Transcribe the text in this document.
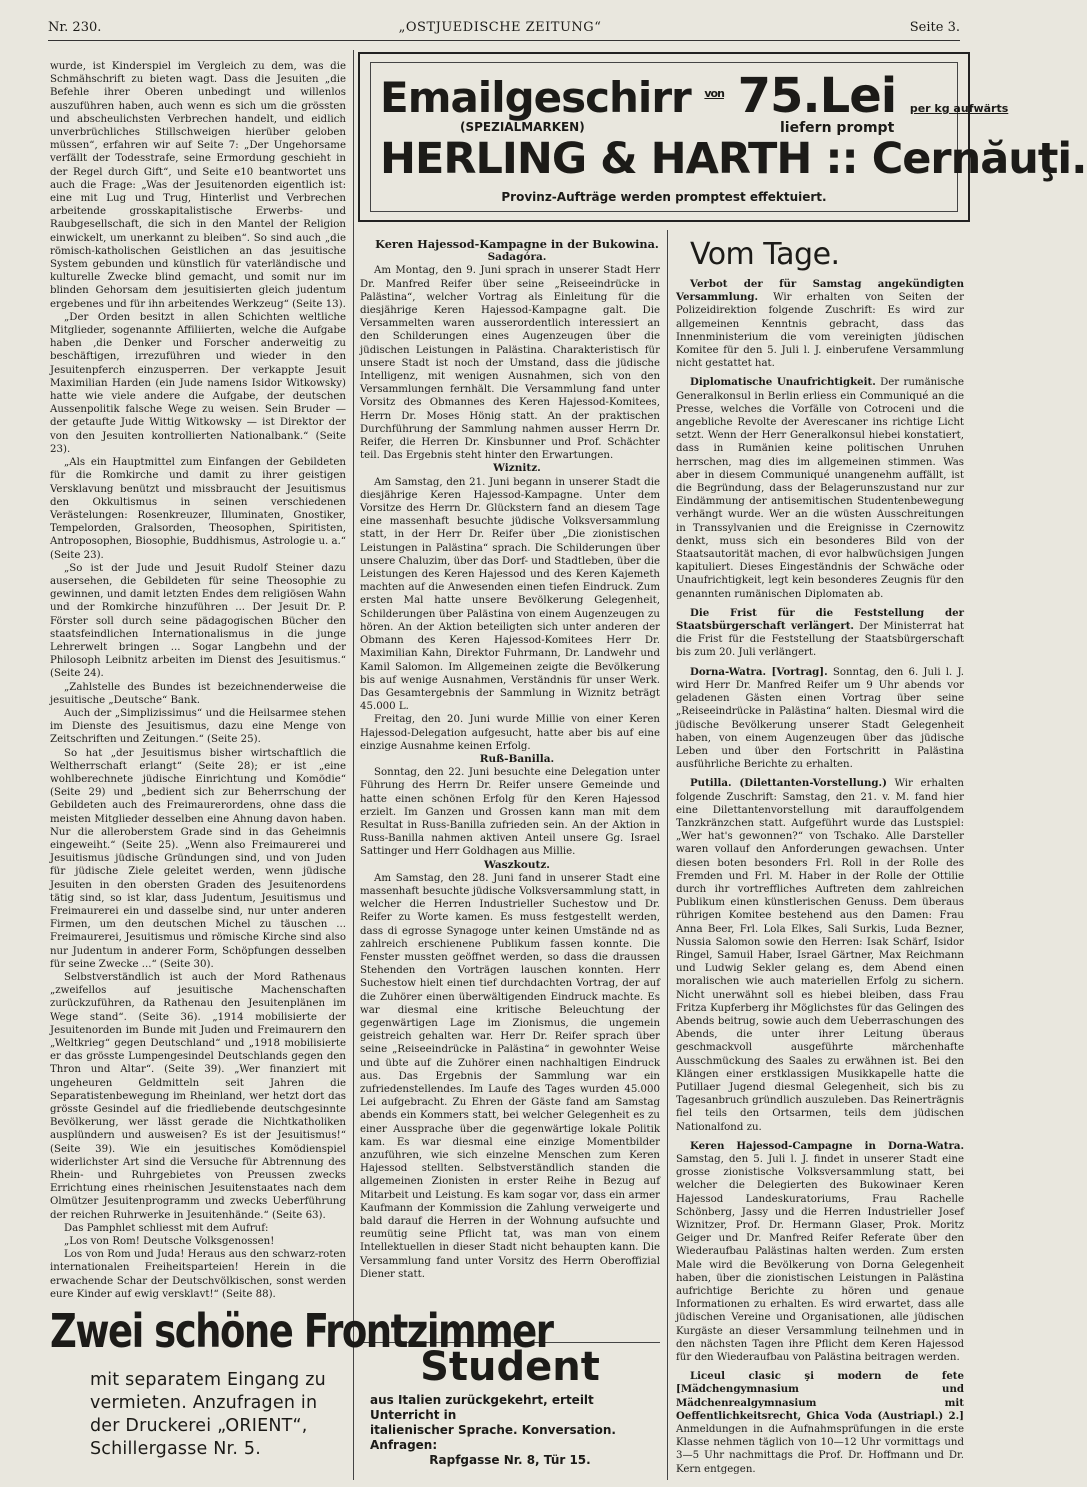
Nr. 230.	„OSTJUEDISCHE ZEITUNG“	Seite 3.

wurde, ist Kinderspiel im Vergleich zu dem, was die Schmähschrift zu bieten wagt. Dass die Jesuiten „die Befehle ihrer Oberen unbedingt und willenlos auszuführen haben, auch wenn es sich um die grössten und abscheulichsten Verbrechen handelt, und eidlich unverbrüchliches Stillschweigen hierüber geloben müssen“, erfahren wir auf Seite 7: „Der Ungehorsame verfällt der Todesstrafe, seine Ermordung geschieht in der Regel durch Gift“, und Seite e10 beantwortet uns auch die Frage: „Was der Jesuitenorden eigentlich ist: eine mit Lug und Trug, Hinterlist und Verbrechen arbeitende grosskapitalistische Erwerbs- und Raubgesellschaft, die sich in den Mantel der Religion einwickelt, um unerkannt zu bleiben“. So sind auch „die römisch-katholischen Geistlichen an das jesuitische System gebunden und künstlich für vaterländische und kulturelle Zwecke blind gemacht, und somit nur im blinden Gehorsam dem jesuitisierten gleich judentum ergebenes und für ihn arbeitendes Werkzeug“ (Seite 13).

„Der Orden besitzt in allen Schichten weltliche Mitglieder, sogenannte Affiliierten, welche die Aufgabe haben ‚die Denker und Forscher anderweitig zu beschäftigen, irrezuführen und wieder in den Jesuitenpferch einzusperren. Der verkappte Jesuit Maximilian Harden (ein Jude namens Isidor Witkowsky) hatte wie viele andere die Aufgabe, der deutschen Aussenpolitik falsche Wege zu weisen. Sein Bruder — der getaufte Jude Wittig Witkowsky — ist Direktor der von den Jesuiten kontrollierten Nationalbank.“ (Seite 23).

„Als ein Hauptmittel zum Einfangen der Gebildeten für die Romkirche und damit zu ihrer geistigen Versklavung benützt und missbraucht der Jesuitismus den Okkultismus in seinen verschiedenen Verästelungen: Rosenkreuzer, Illuminaten, Gnostiker, Tempelorden, Gralsorden, Theosophen, Spiritisten, Antroposophen, Biosophie, Buddhismus, Astrologie u. a.“ (Seite 23).

„So ist der Jude und Jesuit Rudolf Steiner dazu ausersehen, die Gebildeten für seine Theosophie zu gewinnen, und damit letzten Endes dem religiösen Wahn und der Romkirche hinzuführen ... Der Jesuit Dr. P. Förster soll durch seine pädagogischen Bücher den staatsfeindlichen Internationalismus in die junge Lehrerwelt bringen ... Sogar Langbehn und der Philosoph Leibnitz arbeiten im Dienst des Jesuitismus.“ (Seite 24).

„Zahlstelle des Bundes ist bezeichnenderweise die jesuitische „Deutsche“ Bank.

Auch der „Simplizissimus“ und die Heilsarmee stehen im Dienste des Jesuitismus, dazu eine Menge von Zeitschriften und Zeitungen.“ (Seite 25).

So hat „der Jesuitismus bisher wirtschaftlich die Weltherrschaft erlangt“ (Seite 28); er ist „eine wohlberechnete jüdische Einrichtung und Komödie“ (Seite 29) und „bedient sich zur Beherrschung der Gebildeten auch des Freimaurerordens, ohne dass die meisten Mitglieder desselben eine Ahnung davon haben. Nur die alleroberstem Grade sind in das Geheimnis eingeweiht.“ (Seite 25). „Wenn also Freimaurerei und Jesuitismus jüdische Gründungen sind, und von Juden für jüdische Ziele geleitet werden, wenn jüdische Jesuiten in den obersten Graden des Jesuitenordens tätig sind, so ist klar, dass Judentum, Jesuitismus und Freimaurerei ein und dasselbe sind, nur unter anderen Firmen, um den deutschen Michel zu täuschen ... Freimaurerei, Jesuitismus und römische Kirche sind also nur Judentum in anderer Form, Schöpfungen desselben für seine Zwecke ...“ (Seite 30).

Selbstverständlich ist auch der Mord Rathenaus „zweifellos auf jesuitische Machenschaften zurückzuführen, da Rathenau den Jesuitenplänen im Wege stand“. (Seite 36). „1914 mobilisierte der Jesuitenorden im Bunde mit Juden und Freimaurern den „Weltkrieg“ gegen Deutschland“ und „1918 mobilisierte er das grösste Lumpengesindel Deutschlands gegen den Thron und Altar“. (Seite 39). „Wer finanziert mit ungeheuren Geldmitteln seit Jahren die Separatistenbewegung im Rheinland, wer hetzt dort das grösste Gesindel auf die friedliebende deutschgesinnte Bevölkerung, wer lässt gerade die Nichtkatholiken ausplündern und ausweisen? Es ist der Jesuitismus!“ (Seite 39). Wie ein jesuitisches Komödienspiel widerlichster Art sind die Versuche für Abtrennung des Rhein- und Ruhrgebietes von Preussen zwecks Errichtung eines rheinischen Jesuitenstaates nach dem Olmützer Jesuitenprogramm und zwecks Ueberführung der reichen Ruhrwerke in Jesuitenhände.“ (Seite 63).

Das Pamphlet schliesst mit dem Aufruf:

„Los von Rom! Deutsche Volksgenossen!

Los von Rom und Juda! Heraus aus den schwarz-roten internationalen Freiheitsparteien! Herein in die erwachende Schar der Deutschvölkischen, sonst werden eure Kinder auf ewig versklavt!“ (Seite 88).

Emailgeschirr $^{von}$ 75.Lei per kg aufwärts
(SPEZIALMARKEN)	liefern prompt
HERLING & HARTH :: Cernăuţi.
Provinz-Aufträge werden promptest effektuiert.

Keren Hajessod-Kampagne in der Bukowina.

Sadagóra.

Am Montag, den 9. Juni sprach in unserer Stadt Herr Dr. Manfred Reifer über seine „Reiseeindrücke in Palästina“, welcher Vortrag als Einleitung für die diesjährige Keren Hajessod-Kampagne galt. Die Versammelten waren ausserordentlich interessiert an den Schilderungen eines Augenzeugen über die jüdischen Leistungen in Palästina. Charakteristisch für unsere Stadt ist noch der Umstand, dass die jüdische Intelligenz, mit wenigen Ausnahmen, sich von den Versammlungen fernhält. Die Versammlung fand unter Vorsitz des Obmannes des Keren Hajessod-Komitees, Herrn Dr. Moses Hönig statt. An der praktischen Durchführung der Sammlung nahmen ausser Herrn Dr. Reifer, die Herren Dr. Kinsbunner und Prof. Schächter teil. Das Ergebnis steht hinter den Erwartungen.

Wiznitz.

Am Samstag, den 21. Juni begann in unserer Stadt die diesjährige Keren Hajessod-Kampagne. Unter dem Vorsitze des Herrn Dr. Glückstern fand an diesem Tage eine massenhaft besuchte jüdische Volksversammlung statt, in der Herr Dr. Reifer über „Die zionistischen Leistungen in Palästina“ sprach. Die Schilderungen über unsere Chaluzim, über das Dorf- und Stadtleben, über die Leistungen des Keren Hajessod und des Keren Kajemeth machten auf die Anwesenden einen tiefen Eindruck. Zum ersten Mal hatte unsere Bevölkerung Gelegenheit, Schilderungen über Palästina von einem Augenzeugen zu hören. An der Aktion beteiligten sich unter anderen der Obmann des Keren Hajessod-Komitees Herr Dr. Maximilian Kahn, Direktor Fuhrmann, Dr. Landwehr und Kamil Salomon. Im Allgemeinen zeigte die Bevölkerung bis auf wenige Ausnahmen, Verständnis für unser Werk. Das Gesamtergebnis der Sammlung in Wiznitz beträgt 45.000 L.

Freitag, den 20. Juni wurde Millie von einer Keren Hajessod-Delegation aufgesucht, hatte aber bis auf eine einzige Ausnahme keinen Erfolg.

Ruß-Banilla.

Sonntag, den 22. Juni besuchte eine Delegation unter Führung des Herrn Dr. Reifer unsere Gemeinde und hatte einen schönen Erfolg für den Keren Hajessod erzielt. Im Ganzen und Grossen kann man mit dem Resultat in Russ-Banilla zufrieden sein. An der Aktion in Russ-Banilla nahmen aktiven Anteil unsere Gg. Israel Sattinger und Herr Goldhagen aus Millie.

Waszkoutz.

Am Samstag, den 28. Juni fand in unserer Stadt eine massenhaft besuchte jüdische Volksversammlung statt, in welcher die Herren Industrieller Suchestow und Dr. Reifer zu Worte kamen. Es muss festgestellt werden, dass di egrosse Synagoge unter keinen Umstände nd as zahlreich erschienene Publikum fassen konnte. Die Fenster mussten geöffnet werden, so dass die draussen Stehenden den Vorträgen lauschen konnten. Herr Suchestow hielt einen tief durchdachten Vortrag, der auf die Zuhörer einen überwältigenden Eindruck machte. Es war diesmal eine kritische Beleuchtung der gegenwärtigen Lage im Zionismus, die ungemein geistreich gehalten war. Herr Dr. Reifer sprach über seine „Reiseeindrücke in Palästina“ in gewohnter Weise und übte auf die Zuhörer einen nachhaltigen Eindruck aus. Das Ergebnis der Sammlung war ein zufriedenstellendes. Im Laufe des Tages wurden 45.000 Lei aufgebracht. Zu Ehren der Gäste fand am Samstag abends ein Kommers statt, bei welcher Gelegenheit es zu einer Aussprache über die gegenwärtige lokale Politik kam. Es war diesmal eine einzige Momentbilder anzuführen, wie sich einzelne Menschen zum Keren Hajessod stellten. Selbstverständlich standen die allgemeinen Zionisten in erster Reihe in Bezug auf Mitarbeit und Leistung. Es kam sogar vor, dass ein armer Kaufmann der Kommission die Zahlung verweigerte und bald darauf die Herren in der Wohnung aufsuchte und reumütig seine Pflicht tat, was man von einem Intellektuellen in dieser Stadt nicht behaupten kann. Die Versammlung fand unter Vorsitz des Herrn Oberoffizial Diener statt.

Vom Tage.

Verbot der für Samstag angekündigten Versammlung. Wir erhalten von Seiten der Polizeidirektion folgende Zuschrift: Es wird zur allgemeinen Kenntnis gebracht, dass das Innenministerium die vom vereinigten jüdischen Komitee für den 5. Juli l. J. einberufene Versammlung nicht gestattet hat.

Diplomatische Unaufrichtigkeit. Der rumänische Generalkonsul in Berlin erliess ein Communiqué an die Presse, welches die Vorfälle von Cotroceni und die angebliche Revolte der Averescaner ins richtige Licht setzt. Wenn der Herr Generalkonsul hiebei konstatiert, dass in Rumänien keine politischen Unruhen herrschen, mag dies im allgemeinen stimmen. Was aber in diesem Communiqué unangenehm auffällt, ist die Begründung, dass der Belagerunszustand nur zur Eindämmung der antisemitischen Studentenbewegung verhängt wurde. Wer an die wüsten Ausschreitungen in Transsylvanien und die Ereignisse in Czernowitz denkt, muss sich ein besonderes Bild von der Staatsautorität machen, di evor halbwüchsigen Jungen kapituliert. Dieses Eingeständnis der Schwäche oder Unaufrichtigkeit, legt kein besonderes Zeugnis für den genannten rumänischen Diplomaten ab.

Die Frist für die Feststellung der Staatsbürgerschaft verlängert. Der Ministerrat hat die Frist für die Feststellung der Staatsbürgerschaft bis zum 20. Juli verlängert.

Dorna-Watra. [Vortrag]. Sonntag, den 6. Juli l. J. wird Herr Dr. Manfred Reifer um 9 Uhr abends vor geladenen Gästen einen Vortrag über seine „Reiseeindrücke in Palästina“ halten. Diesmal wird die jüdische Bevölkerung unserer Stadt Gelegenheit haben, von einem Augenzeugen über das jüdische Leben und über den Fortschritt in Palästina ausführliche Berichte zu erhalten.

Putilla. (Dilettanten-Vorstellung.) Wir erhalten folgende Zuschrift: Samstag, den 21. v. M. fand hier eine Dilettantenvorstellung mit darauffolgendem Tanzkränzchen statt. Aufgeführt wurde das Lustspiel: „Wer hat's gewonnen?“ von Tschako. Alle Darsteller waren vollauf den Anforderungen gewachsen. Unter diesen boten besonders Frl. Roll in der Rolle des Fremden und Frl. M. Haber in der Rolle der Ottilie durch ihr vortreffliches Auftreten dem zahlreichen Publikum einen künstlerischen Genuss. Dem überaus rührigen Komitee bestehend aus den Damen: Frau Anna Beer, Frl. Lola Elkes, Sali Surkis, Luda Bezner, Nussia Salomon sowie den Herren: Isak Schärf, Isidor Ringel, Samuil Haber, Israel Gärtner, Max Reichmann und Ludwig Sekler gelang es, dem Abend einen moralischen wie auch materiellen Erfolg zu sichern. Nicht unerwähnt soll es hiebei bleiben, dass Frau Fritza Kupferberg ihr Möglichstes für das Gelingen des Abends beitrug, sowie auch dem Ueberraschungen des Abends, die unter ihrer Leitung überaus geschmackvoll ausgeführte märchenhafte Ausschmückung des Saales zu erwähnen ist. Bei den Klängen einer erstklassigen Musikkapelle hatte die Putillaer Jugend diesmal Gelegenheit, sich bis zu Tagesanbruch gründlich auszuleben. Das Reinerträgnis fiel teils den Ortsarmen, teils dem jüdischen Nationalfond zu.

Keren Hajessod-Campagne in Dorna-Watra. Samstag, den 5. Juli l. J. findet in unserer Stadt eine grosse zionistische Volksversammlung statt, bei welcher die Delegierten des Bukowinaer Keren Hajessod Landeskuratoriums, Frau Rachelle Schönberg, Jassy und die Herren Industrieller Josef Wiznitzer, Prof. Dr. Hermann Glaser, Prok. Moritz Geiger und Dr. Manfred Reifer Referate über den Wiederaufbau Palästinas halten werden. Zum ersten Male wird die Bevölkerung von Dorna Gelegenheit haben, über die zionistischen Leistungen in Palästina aufrichtige Berichte zu hören und genaue Informationen zu erhalten. Es wird erwartet, dass alle jüdischen Vereine und Organisationen, alle jüdischen Kurgäste an dieser Versammlung teilnehmen und in den nächsten Tagen ihre Pflicht dem Keren Hajessod für den Wiederaufbau von Palästina beitragen werden.

Liceul clasic şi modern de fete [Mädchengymnasium und Mädchenrealgymnasium mit Oeffentlichkeitsrecht, Ghica Voda (Austriapl.) 2.] Anmeldungen in die Aufnahmsprüfungen in die erste Klasse nehmen täglich von 10—12 Uhr vormittags und 3—5 Uhr nachmittags die Prof. Dr. Hoffmann und Dr. Kern entgegen.

Zwei schöne Frontzimmer
mit separatem Eingang zu
vermieten. Anzufragen in
der Druckerei „ORIENT“,
Schillergasse Nr. 5.
Student
aus Italien zurückgekehrt, erteilt Unterricht in
italienischer Sprache. Konversation. Anfragen:
Rapfgasse Nr. 8, Tür 15.
